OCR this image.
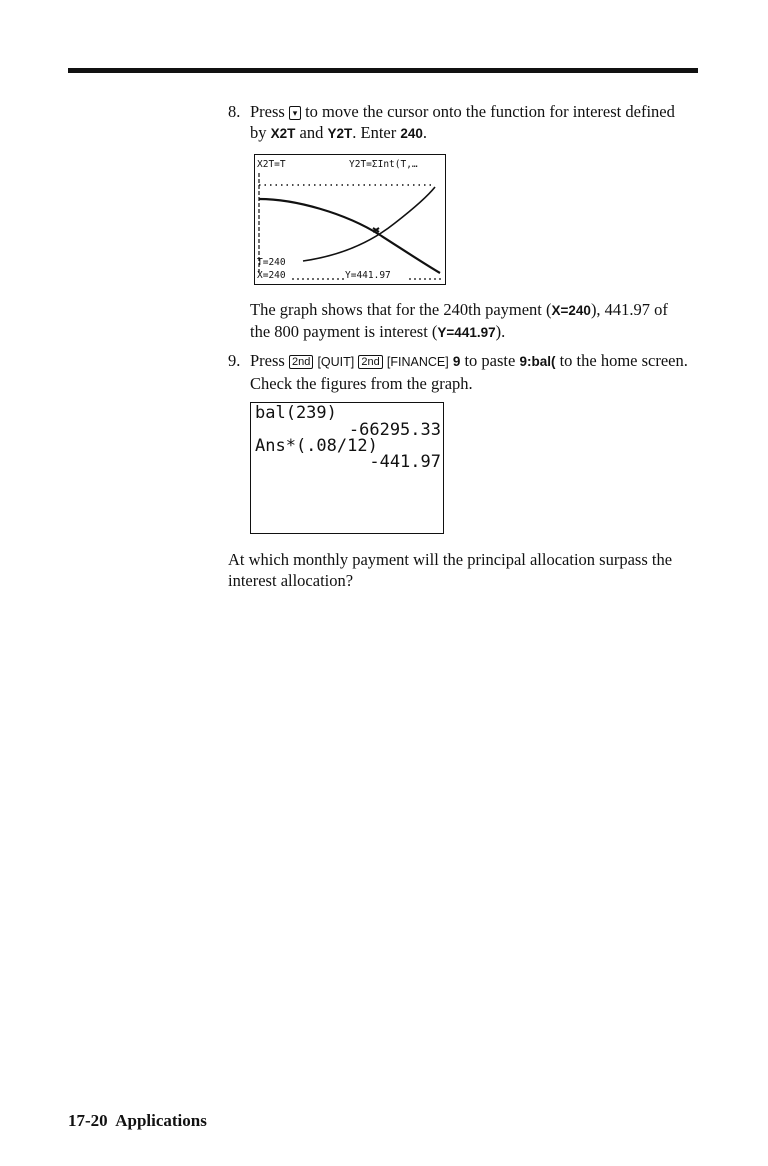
8. Press ▾ to move the cursor onto the function for interest defined by X2T and Y2T. Enter 240.
X2T=T	Y2T=ΣInt(T,…
T=240
X=240	Y=441.97
The graph shows that for the 240th payment (X=240), 441.97 of the 800 payment is interest (Y=441.97).
9. Press 2nd [QUIT] 2nd [FINANCE] 9 to paste 9:bal( to the home screen. Check the figures from the graph.
bal(239)
-66295.33
Ans*(.08/12)
-441.97
At which monthly payment will the principal allocation surpass the interest allocation?
17-20  Applications
